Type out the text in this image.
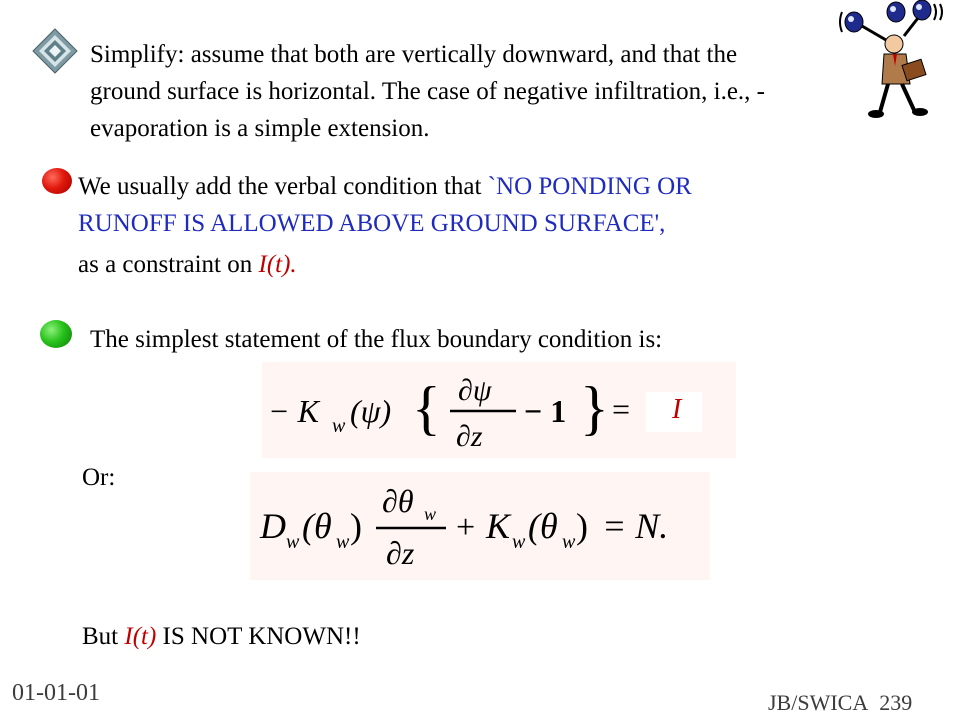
Simplify: assume that both are vertically downward, and that the
ground surface is horizontal. The case of negative infiltration, i.e., -
evaporation is a simple extension.
We usually add the verbal condition that `NO PONDING OR
RUNOFF IS ALLOWED ABOVE GROUND SURFACE',
as a constraint on I(t).
The simplest statement of the flux boundary condition is:
− K w (ψ) { ∂ψ
∂z
− 1 } = I
Or:
D w (θ w )
∂θ w
∂z
+ K w (θ w ) = N.
But I(t) IS NOT KNOWN!!
01-01-01	JB/SWICA 239
